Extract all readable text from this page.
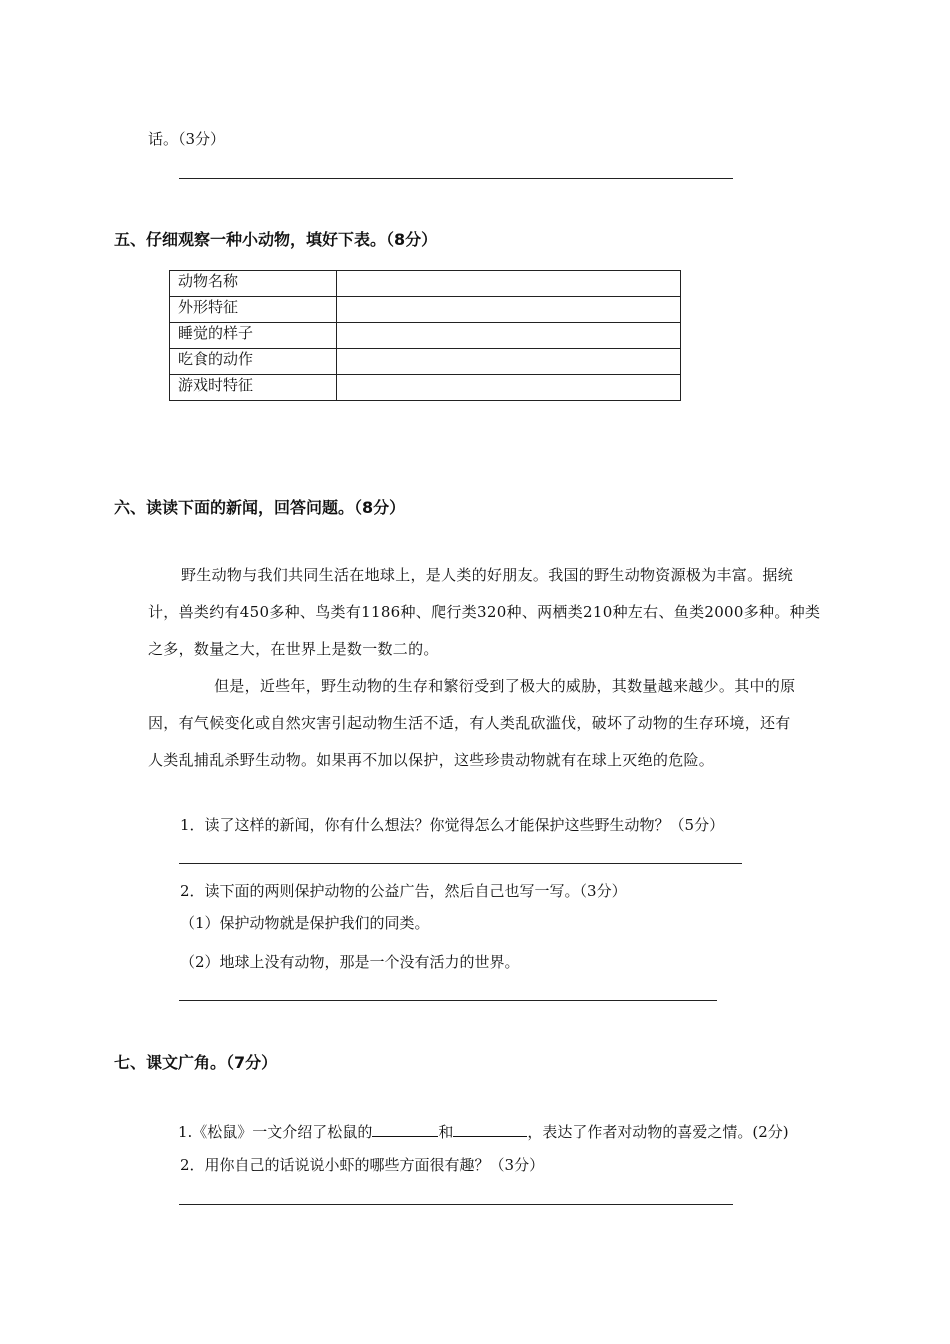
话。（3分）
五、仔细观察一种小动物，填好下表。（8分）
动物名称	
外形特征	
睡觉的样子	
吃食的动作	
游戏时特征	
六、读读下面的新闻，回答问题。（8分）
野生动物与我们共同生活在地球上，是人类的好朋友。我国的野生动物资源极为丰富。据统
计，兽类约有450多种、鸟类有1186种、爬行类320种、两栖类210种左右、鱼类2000多种。种类
之多，数量之大，在世界上是数一数二的。
但是，近些年，野生动物的生存和繁衍受到了极大的威胁，其数量越来越少。其中的原
因，有气候变化或自然灾害引起动物生活不适，有人类乱砍滥伐，破坏了动物的生存环境，还有
人类乱捕乱杀野生动物。如果再不加以保护，这些珍贵动物就有在球上灭绝的危险。
1．读了这样的新闻，你有什么想法？你觉得怎么才能保护这些野生动物？（5分）
2．读下面的两则保护动物的公益广告，然后自己也写一写。（3分）
（1）保护动物就是保护我们的同类。
（2）地球上没有动物，那是一个没有活力的世界。
七、课文广角。（7分）
1.《松鼠》一文介绍了松鼠的	和	，表达了作者对动物的喜爱之情。(2分)
2．用你自己的话说说小虾的哪些方面很有趣？（3分）
